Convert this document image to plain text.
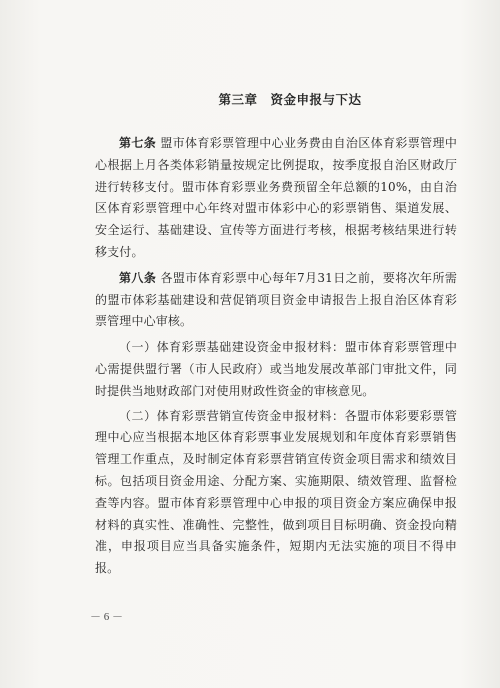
第三章　资金申报与下达

第七条 盟市体育彩票管理中心业务费由自治区体育彩票管理中心根据上月各类体彩销量按规定比例提取，按季度报自治区财政厅进行转移支付。盟市体育彩票业务费预留全年总额的10%，由自治区体育彩票管理中心年终对盟市体彩中心的彩票销售、渠道发展、安全运行、基础建设、宣传等方面进行考核，根据考核结果进行转移支付。

第八条 各盟市体育彩票中心每年7月31日之前，要将次年所需的盟市体彩基础建设和营促销项目资金申请报告上报自治区体育彩票管理中心审核。

（一）体育彩票基础建设资金申报材料：盟市体育彩票管理中心需提供盟行署（市人民政府）或当地发展改革部门审批文件，同时提供当地财政部门对使用财政性资金的审核意见。

（二）体育彩票营销宣传资金申报材料：各盟市体彩要彩票管理中心应当根据本地区体育彩票事业发展规划和年度体育彩票销售管理工作重点，及时制定体育彩票营销宣传资金项目需求和绩效目标。包括项目资金用途、分配方案、实施期限、绩效管理、监督检查等内容。盟市体育彩票管理中心申报的项目资金方案应确保申报材料的真实性、准确性、完整性，做到项目目标明确、资金投向精准，申报项目应当具备实施条件，短期内无法实施的项目不得申报。

－ 6 －
